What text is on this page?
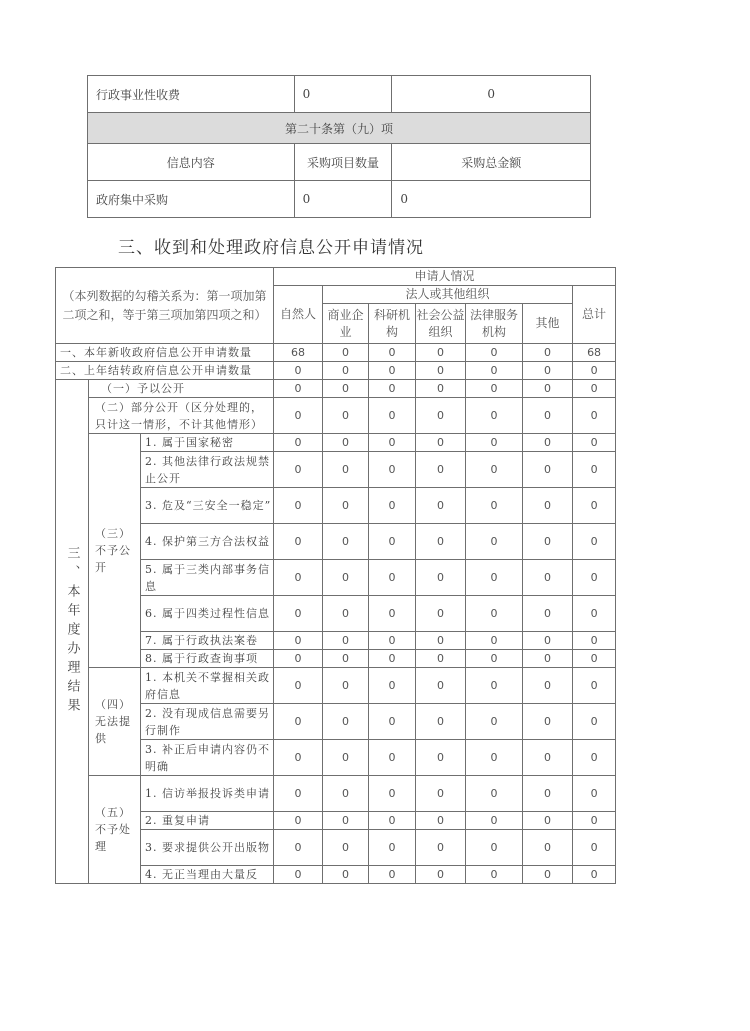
行政事业性收费	0	0
第二十条第（九）项		
信息内容	采购项目数量	采购总金额
政府集中采购	0	0
三、收到和处理政府信息公开申请情况
（本列数据的勾稽关系为：第一项加第二项之和，等于第三项加第四项之和）			申请人情况						
			自然人	法人或其他组织					总计
				商业企业	科研机构	社会公益组织	法律服务机构	其他	
一、本年新收政府信息公开申请数量			68	0	0	0	0	0	68
二、上年结转政府信息公开申请数量			0	0	0	0	0	0	0
三、本年度办理结果	（一）予以公开		0	0	0	0	0	0	0
	（二）部分公开（区分处理的，只计这一情形，不计其他情形）		0	0	0	0	0	0	0
	（三）不予公开	1. 属于国家秘密	0	0	0	0	0	0	0
		2. 其他法律行政法规禁止公开	0	0	0	0	0	0	0
		3. 危及“三安全一稳定”	0	0	0	0	0	0	0
		4. 保护第三方合法权益	0	0	0	0	0	0	0
		5. 属于三类内部事务信息	0	0	0	0	0	0	0
		6. 属于四类过程性信息	0	0	0	0	0	0	0
		7. 属于行政执法案卷	0	0	0	0	0	0	0
		8. 属于行政查询事项	0	0	0	0	0	0	0
	（四）无法提供	1. 本机关不掌握相关政府信息	0	0	0	0	0	0	0
		2. 没有现成信息需要另行制作	0	0	0	0	0	0	0
		3. 补正后申请内容仍不明确	0	0	0	0	0	0	0
	（五）不予处理	1. 信访举报投诉类申请	0	0	0	0	0	0	0
		2. 重复申请	0	0	0	0	0	0	0
		3. 要求提供公开出版物	0	0	0	0	0	0	0
		4. 无正当理由大量反	0	0	0	0	0	0	0
